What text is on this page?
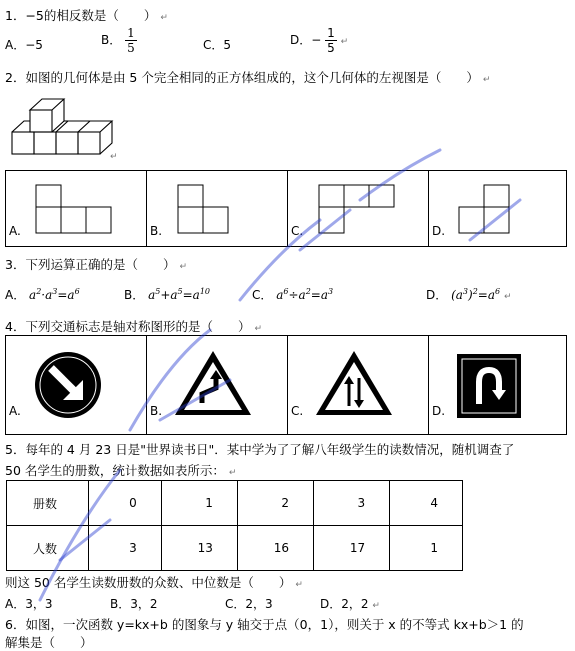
1．−5的相反数是（　　） ↵
A．−5	B． $\frac{1}{5}$	C．5	D．− $\frac{1}{5}$ ↵
2．如图的几何体是由 5 个完全相同的正方体组成的，这个几何体的左视图是（　　） ↵
↵
A.	B.	C.	D.
3．下列运算正确的是（　　） ↵
A． $a^2\cdot a^3=a^6$	B． $a^5+a^5=a^{10}$	C． $a^6\div a^2=a^3$	D． $(a^3)^2=a^6$ ↵
4．下列交通标志是轴对称图形的是（　　） ↵
A.	B.	C.	D.
5．每年的 4 月 23 日是"世界读书日"．某中学为了了解八年级学生的读数情况，随机调查了
50 名学生的册数，统计数据如表所示： ↵
册数	0	1	2	3	4
人数	3	13	16	17	1
则这 50 名学生读数册数的众数、中位数是（　　） ↵
A．3，3	B．3，2	C．2，3	D．2，2 ↵
6．如图，一次函数 y=kx+b 的图象与 y 轴交于点（0，1），则关于 x 的不等式 kx+b＞1 的
解集是（　　）
